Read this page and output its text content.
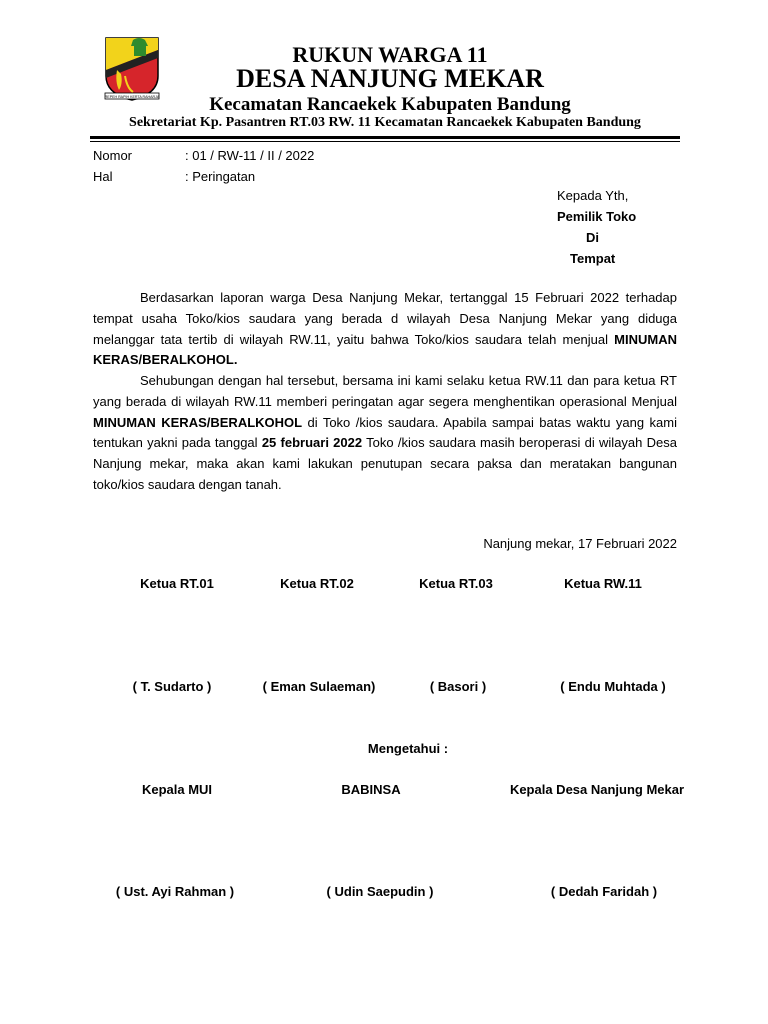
REPEH RAPIH KERTA RAHARJA
RUKUN WARGA 11
DESA NANJUNG MEKAR
Kecamatan Rancaekek Kabupaten Bandung
Sekretariat Kp. Pasantren RT.03 RW. 11 Kecamatan Rancaekek Kabupaten Bandung
Nomor	: 01 / RW-11 / II / 2022
Hal	: Peringatan
Kepada Yth,
Pemilik Toko
Di
Tempat
Berdasarkan laporan warga Desa Nanjung Mekar, tertanggal 15 Februari 2022 terhadap tempat usaha Toko/kios saudara yang berada d wilayah Desa Nanjung Mekar yang diduga melanggar tata tertib di wilayah RW.11, yaitu bahwa Toko/kios saudara telah menjual MINUMAN KERAS/BERALKOHOL.
Sehubungan dengan hal tersebut, bersama ini kami selaku ketua RW.11 dan para ketua RT yang berada di wilayah RW.11 memberi peringatan agar segera menghentikan operasional Menjual MINUMAN KERAS/BERALKOHOL di Toko /kios saudara. Apabila sampai batas waktu yang kami tentukan yakni pada tanggal 25 februari 2022 Toko /kios saudara masih beroperasi di wilayah Desa Nanjung mekar, maka akan kami lakukan penutupan secara paksa dan meratakan bangunan toko/kios saudara dengan tanah.
Nanjung mekar, 17 Februari 2022
Ketua RT.01	Ketua RT.02	Ketua RT.03	Ketua RW.11
( T. Sudarto )	( Eman Sulaeman)	( Basori )	( Endu Muhtada )
Mengetahui :
Kepala MUI	BABINSA	Kepala Desa Nanjung Mekar
( Ust. Ayi Rahman )	( Udin Saepudin )	( Dedah Faridah )
